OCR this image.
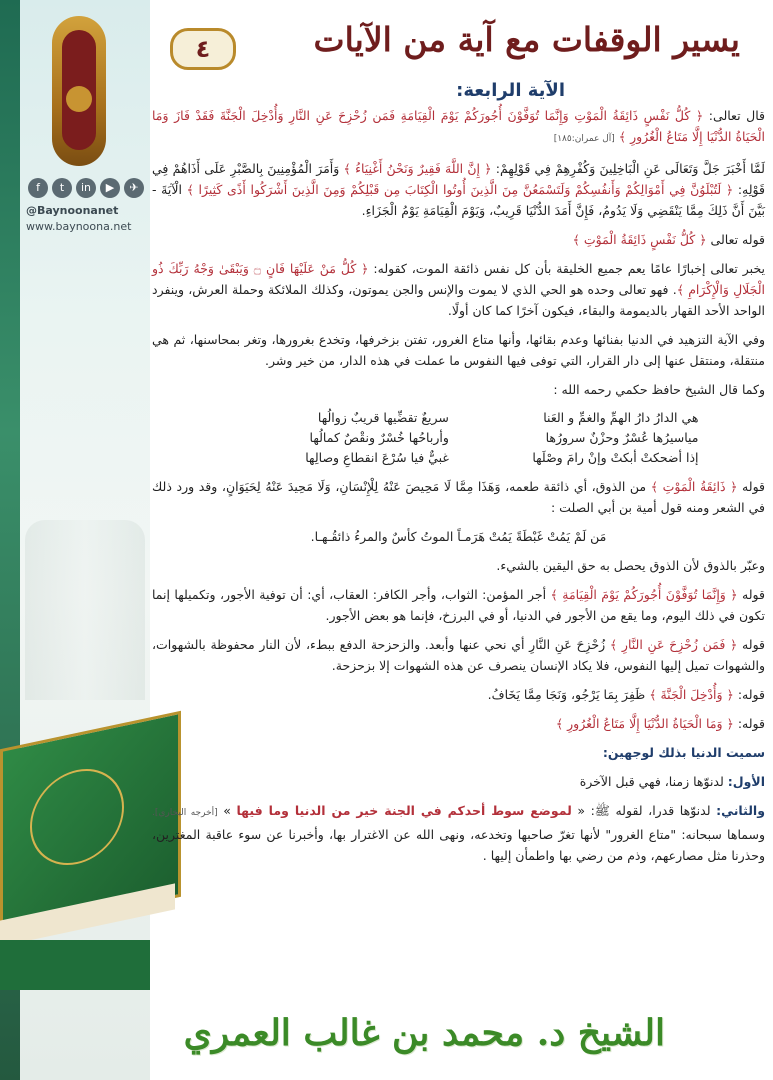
f	t	in	▶	✈
@Baynoonanet
www.baynoona.net
يسير الوقفات مع آية من الآيات
٤
الآية الرابعة:

قال تعالى: ﴿ كُلُّ نَفْسٍ ذَائِقَةُ الْمَوْتِ وَإِنَّمَا تُوَفَّوْنَ أُجُورَكُمْ يَوْمَ الْقِيَامَةِ فَمَن زُحْزِحَ عَنِ النَّارِ وَأُدْخِلَ الْجَنَّةَ فَقَدْ فَازَ وَمَا الْحَيَاةُ الدُّنْيَا إِلَّا مَتَاعُ الْغُرُورِ ﴾ [آل عمران:١٨٥]

لَمَّا أَخْبَرَ جَلَّ وَتَعَالَى عَنِ الْبَاخِلِينَ وَكُفْرِهِمْ فِي قَوْلِهِمْ: ﴿ إِنَّ اللَّهَ فَقِيرٌ وَنَحْنُ أَغْنِيَاءُ ﴾ وَأَمَرَ الْمُؤْمِنِينَ بِالصَّبْرِ عَلَى أَذَاهُمْ فِي قَوْلِهِ: ﴿ لَتُبْلَوُنَّ فِي أَمْوَالِكُمْ وَأَنفُسِكُمْ وَلَتَسْمَعُنَّ مِنَ الَّذِينَ أُوتُوا الْكِتَابَ مِن قَبْلِكُمْ وَمِنَ الَّذِينَ أَشْرَكُوا أَذًى كَثِيرًا ﴾ الْآيَةَ - بَيَّنَ أَنَّ ذَلِكَ مِمَّا يَنْقَضِي وَلَا يَدُومُ، فَإِنَّ أَمَدَ الدُّنْيَا قَرِيبٌ، وَيَوْمَ الْقِيَامَةِ يَوْمُ الْجَزَاءِ.

قوله تعالى ﴿ كُلُّ نَفْسٍ ذَائِقَةُ الْمَوْتِ ﴾

يخبر تعالى إخبارًا عامًا يعم جميع الخليقة بأن كل نفس ذائقة الموت، كقوله: ﴿ كُلُّ مَنْ عَلَيْهَا فَانٍ ۝ وَيَبْقَىٰ وَجْهُ رَبِّكَ ذُو الْجَلَالِ وَالْإِكْرَامِ ﴾. فهو تعالى وحده هو الحي الذي لا يموت والإنس والجن يموتون، وكذلك الملائكة وحملة العرش، وينفرد الواحد الأحد القهار بالديمومة والبقاء، فيكون آخرًا كما كان أولًا.

وفي الآية التزهيد في الدنيا بفنائها وعدم بقائها، وأنها متاع الغرور، تفتن بزخرفها، وتخدع بغرورها، وتغر بمحاسنها، ثم هي منتقلة، ومنتقل عنها إلى دار القرار، التي توفى فيها النفوس ما عملت في هذه الدار، من خير وشر.

وكما قال الشيخ حافظ حكمي رحمه الله :

هي الدارُ دارُ الهمِّ والغمِّ و العَنا
سريعٌ تقضِّيها قريبٌ زوالُها
مياسيرُها عُسْرٌ وحزْنٌ سرورُها
وأرباحُها خُسْرٌ ونقْصٌ كمالُها
إذا أضحكتْ أبكتْ وإنْ رامَ وصْلَها
غبيٌّ فيا سُرْعَ انقطاعِ وصالِها

قوله ﴿ ذَائِقَةُ الْمَوْتِ ﴾ من الذوق، أي ذائقة طعمه، وَهَذَا مِمَّا لَا مَحِيصَ عَنْهُ لِلْإِنْسَانِ، وَلَا مَحِيدَ عَنْهُ لِحَيَوَانٍ، وقد ورد ذلك في الشعر ومنه قول أمية بن أبي الصلت :

مَن لَمْ يَمُتْ غَبْطَةً يَمُتْ هَرَمـاً الموتُ كأسٌ والمرءُ ذائقُـهـا.

وعبّر بالذوق لأن الذوق يحصل به حق اليقين بالشيء.

قوله ﴿ وَإِنَّمَا تُوَفَّوْنَ أُجُورَكُمْ يَوْمَ الْقِيَامَةِ ﴾ أجر المؤمن: الثواب، وأجر الكافر: العقاب، أي: أن توفية الأجور، وتكميلها إنما تكون في ذلك اليوم، وما يقع من الأجور في الدنيا، أو في البرزخ، فإنما هو بعض الأجور.

قوله ﴿ فَمَن زُحْزِحَ عَنِ النَّارِ ﴾ زُحْزِحَ عَنِ النَّارِ أي نحي عنها وأبعد. والزحزحة الدفع ببطء، لأن النار محفوظة بالشهوات، والشهوات تميل إليها النفوس، فلا يكاد الإنسان ينصرف عن هذه الشهوات إلا بزحزحة.

قوله: ﴿ وَأُدْخِلَ الْجَنَّةَ ﴾ ظَفِرَ بِمَا يَرْجُو، وَنَجَا مِمَّا يَخَافُ.

قوله: ﴿ وَمَا الْحَيَاةُ الدُّنْيَا إِلَّا مَتَاعُ الْغُرُورِ ﴾

سميت الدنيا بذلك لوجهين:

الأول: لدنوّها زمنا، فهي قبل الآخرة

والثاني: لدنوّها قدرا، لقوله ﷺ: « لموضع سوط أحدكم في الجنة خير من الدنيا وما فيها » [أخرجه البخاري]. وسماها سبحانه: "متاع الغرور" لأنها تغرّ صاحبها وتخدعه، ونهى الله عن الاغترار بها، وأخبرنا عن سوء عاقبة المغترين، وحذرنا مثل مصارعهم، وذم من رضي بها واطمأن إليها .

الشيخ د. محمد بن غالب العمري
